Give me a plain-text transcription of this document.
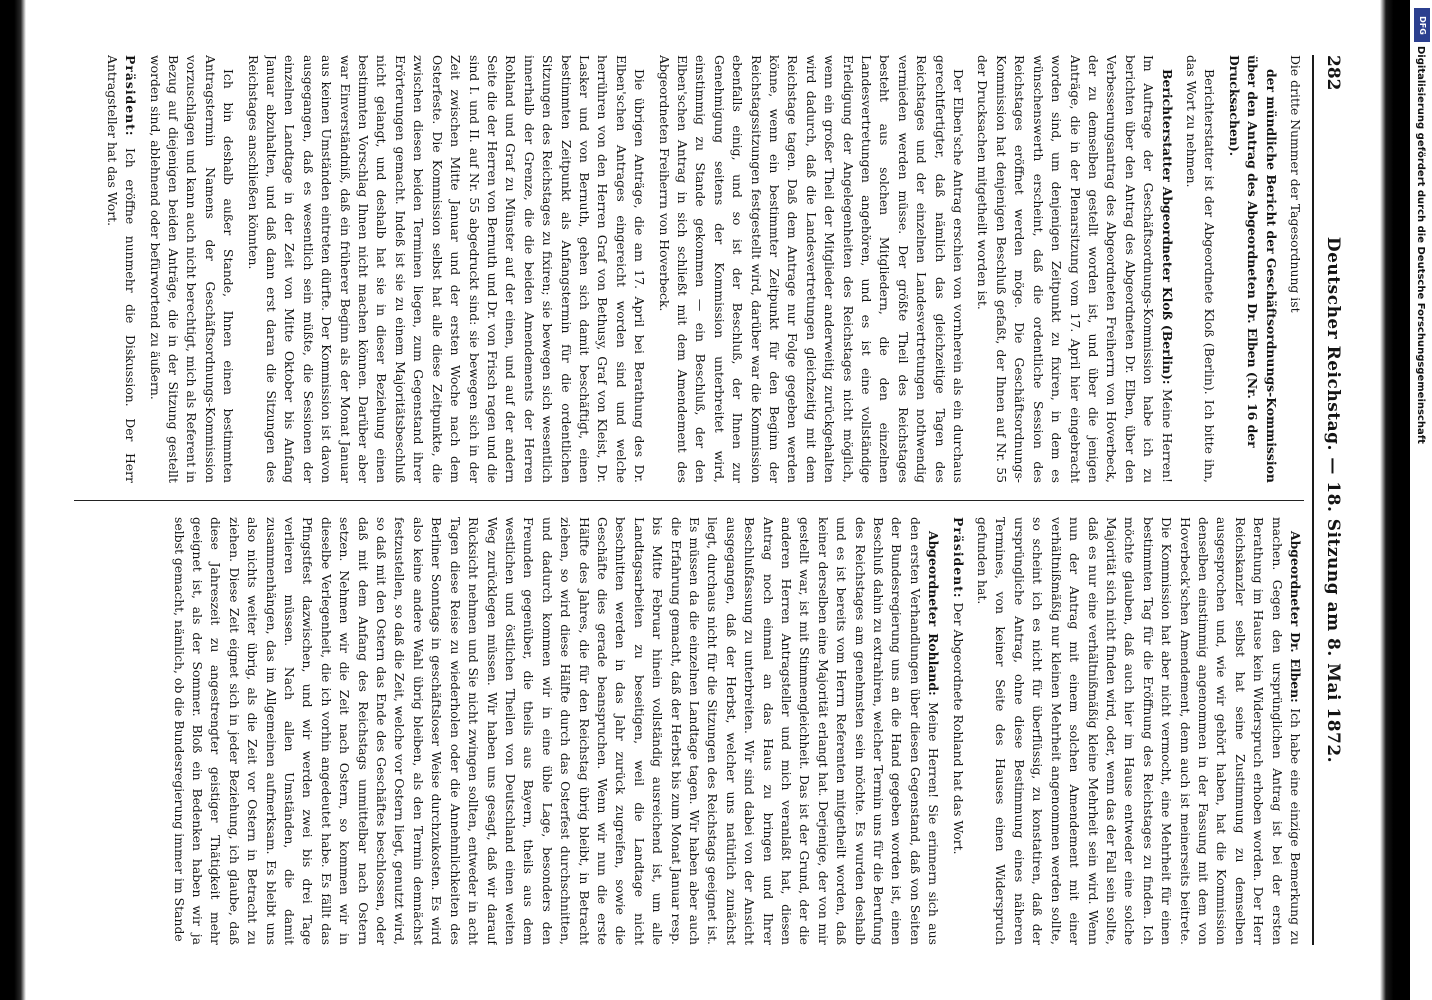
282
Deutscher Reichstag. — 18. Sitzung am 8. Mai 1872.

Die dritte Nummer der Tagesordnung ist

der mündliche Bericht der Geschäftsordnungs-Kommission über den Antrag des Abgeordneten Dr. Elben (Nr. 16 der Drucksachen).

Berichterstatter ist der Abgeordnete Kloß (Berlin). Ich bitte ihn, das Wort zu nehmen.

Berichterstatter Abgeordneter Kloß (Berlin): Meine Herren! Im Auftrage der Geschäftsordnungs-Kommission habe ich zu berichten über den Antrag des Abgeordneten Dr. Elben, über den Verbesserungsantrag des Abgeordneten Freiherrn von Hoverbeck, der zu demselben gestellt worden ist, und über die jenigen Anträge, die in der Plenarsitzung vom 17. April hier eingebracht worden sind, um denjenigen Zeitpunkt zu fixiren, in dem es wünschenswerth erscheint, daß die ordentliche Session des Reichstages eröffnet werden möge. Die Geschäftsordnungs-Kommission hat denjenigen Beschluß gefaßt, der Ihnen auf Nr. 55 der Drucksachen mitgetheilt worden ist.

Der Elben'sche Antrag erschien von vornherein als ein durchaus gerechtfertigter, daß nämlich das gleichzeitige Tagen des Reichstages und der einzelnen Landesvertretungen nothwendig vermieden werden müsse. Der größte Theil des Reichstages besteht aus solchen Mitgliedern, die den einzelnen Landesvertretungen angehören, und es ist eine vollständige Erledigung der Angelegenheiten des Reichstages nicht möglich, wenn ein großer Theil der Mitglieder anderweitig zurückgehalten wird dadurch, daß die Landesvertretungen gleichzeitig mit dem Reichstage tagen. Daß dem Antrage nur Folge gegeben werden könne, wenn ein bestimmter Zeitpunkt für den Beginn der Reichstagssitzungen festgestellt wird, darüber war die Kommission ebenfalls einig, und so ist der Beschluß, der Ihnen zur Genehmigung seitens der Kommission unterbreitet wird, einstimmig zu Stande gekommen — ein Beschluß, der den Elben'schen Antrag in sich schließt mit dem Amendement des Abgeordneten Freiherrn von Hoverbeck.

Die übrigen Anträge, die am 17. April bei Berathung des Dr. Elben'schen Antrages eingereicht worden sind und welche herrühren von den Herren Graf von Bethusy, Graf von Kleist, Dr. Lasker und von Bernuth, gehen sich damit beschäftigt, einen bestimmten Zeitpunkt als Anfangstermin für die ordentlichen Sitzungen des Reichstages zu fixiren; sie bewegen sich wesentlich innerhalb der Grenze, die die beiden Amendements der Herren Rohland und Graf zu Münster auf der einen, und auf der andern Seite die der Herren von Bernuth und Dr. von Frisch ragen und die sind I. und II. auf Nr. 55 abgedruckt sind: sie bewegen sich in der Zeit zwischen Mitte Januar und der ersten Woche nach dem Osterfeste. Die Kommission selbst hat alle diese Zeitpunkte, die zwischen diesen beiden Terminen liegen, zum Gegenstand ihrer Erörterungen gemacht. Indeß ist sie zu einem Majoritätsbeschluß nicht gelangt, und deshalb hat sie in dieser Beziehung einen bestimmten Vorschlag Ihnen nicht machen können. Darüber aber war Einverständniß, daß ein früherer Beginn als der Monat Januar aus keinen Umständen eintreten dürfte. Der Kommission ist davon ausgegangen, daß es wesentlich sein müßte, die Sessionen der einzelnen Landtage in der Zeit von Mitte Oktober bis Anfang Januar abzuhalten, und daß dann erst daran die Sitzungen des Reichstages anschließen könnten.

Ich bin deshalb außer Stande, Ihnen einen bestimmten Antragstermin Namens der Geschäftsordnungs-Kommission vorzuschlagen und kann auch nicht berechtigt, mich als Referent in Bezug auf diejenigen beiden Anträge, die in der Sitzung gestellt worden sind, ablehnend oder befürwortend zu äußern.

Präsident: Ich eröffne nunmehr die Diskussion. Der Herr Antragsteller hat das Wort.

Abgeordneter Dr. Elben: Ich habe eine einzige Bemerkung zu machen. Gegen den ursprünglichen Antrag ist bei der ersten Berathung im Hause kein Widerspruch erhoben worden. Der Herr Reichskanzler selbst hat seine Zustimmung zu demselben ausgesprochen und, wie wir gehört haben, hat die Kommission denselben einstimmig angenommen in der Fassung mit dem von Hoverbeck'schen Amendement, denn auch ist meinerseits beitrete. Die Kommission hat aber nicht vermocht, eine Mehrheit für einen bestimmten Tag für die Eröffnung des Reichstages zu finden. Ich möchte glauben, daß auch hier im Hause entweder eine solche Majorität sich nicht finden wird, oder, wenn das der Fall sein sollte, daß es nur eine verhältnißmäßig kleine Mehrheit sein wird. Wenn nun der Antrag mit einem solchen Amendement mit einer verhältnißmäßig nur kleinen Mehrheit angenommen werden sollte, so scheint ich es nicht für überflüssig, zu konstatiren, daß der ursprüngliche Antrag, ohne diese Bestimmung eines näheren Termines, von keiner Seite des Hauses einen Widerspruch gefunden hat.

Präsident: Der Abgeordnete Rohland hat das Wort.

Abgeordneter Rohland: Meine Herren! Sie erinnern sich aus den ersten Verhandlungen über diesen Gegenstand, daß von Seiten der Bundesregierung uns an die Hand gegeben worden ist, einen Beschluß dahin zu extrahiren, welcher Termin uns für die Berufung des Reichstages am genehmsten sein möchte. Es wurden deshalb und es ist bereits vom Herrn Referenten mitgetheilt worden, daß keiner derselben eine Majorität erlangt hat. Derjenige, der von mir gestellt war, ist mit Stimmengleichheit. Das ist der Grund, der die anderen Herren Antragsteller und mich veranlaßt hat, diesen Antrag noch einmal an das Haus zu bringen und Ihrer Beschlußfassung zu unterbreiten. Wir sind dabei von der Ansicht ausgegangen, daß der Herbst, welcher uns natürlich zunächst liegt, durchaus nicht für die Sitzungen des Reichstags geeignet ist. Es müssen da die einzelnen Landtage tagen. Wir haben aber auch die Erfahrung gemacht, daß der Herbst bis zum Monat Januar resp. bis Mitte Februar hinein vollständig ausreichend ist, um alle Landtagsarbeiten zu beseitigen, weil die Landtage nicht beschnitten werden in das Jahr zurück zugreifen, sowie die Geschäfte dies gerade beanspruchen. Wenn wir nun die erste Hälfte des Jahres, die für den Reichstag übrig bleibt, in Betracht ziehen, so wird diese Hälfte durch das Osterfest durchschnitten, und dadurch kommen wir in eine üble Lage, besonders den Freunden gegenüber, die theils aus Bayern, theils aus dem westlichen und östlichen Theilen von Deutschland einen weiten Weg zurücklegen müssen. Wir haben uns gesagt, daß wir darauf Rücksicht nehmen und Sie nicht zwingen sollten, entweder in acht Tagen diese Reise zu wiederholen oder die Annehmlichkeiten des Berliner Sonntags in geschäftsloser Weise durchzukosten. Es wird also keine andere Wahl übrig bleiben, als den Termin demnächst festzustellen, so daß die Zeit, welche vor Ostern liegt, genutzt wird, so daß mit den Ostern das Ende des Geschäftes beschlossen, oder daß mit dem Anfang des Reichstags unmittelbar nach Ostern setzen. Nehmen wir die Zeit nach Ostern, so kommen wir in dieselbe Verlegenheit, die ich vorhin angedeutet habe. Es fällt das Pfingstfest dazwischen, und wir werden zwei bis drei Tage verlieren müssen. Nach allen Umständen, die damit zusammenhängen, das im Allgemeinen aufmerksam. Es bleibt uns also nichts weiter übrig, als die Zeit vor Ostern in Betracht zu ziehen. Diese Zeit eignet sich in jeder Beziehung, ich glaube, daß diese Jahreszeit zu angestrengter geistiger Thätigkeit mehr geeignet ist, als der Sommer. Bloß ein Bedenken haben wir ja selbst gemacht, nämlich, ob die Bundesregierung immer im Stande

DFG
Digitalisierung gefördert durch die Deutsche Forschungsgemeinschaft
